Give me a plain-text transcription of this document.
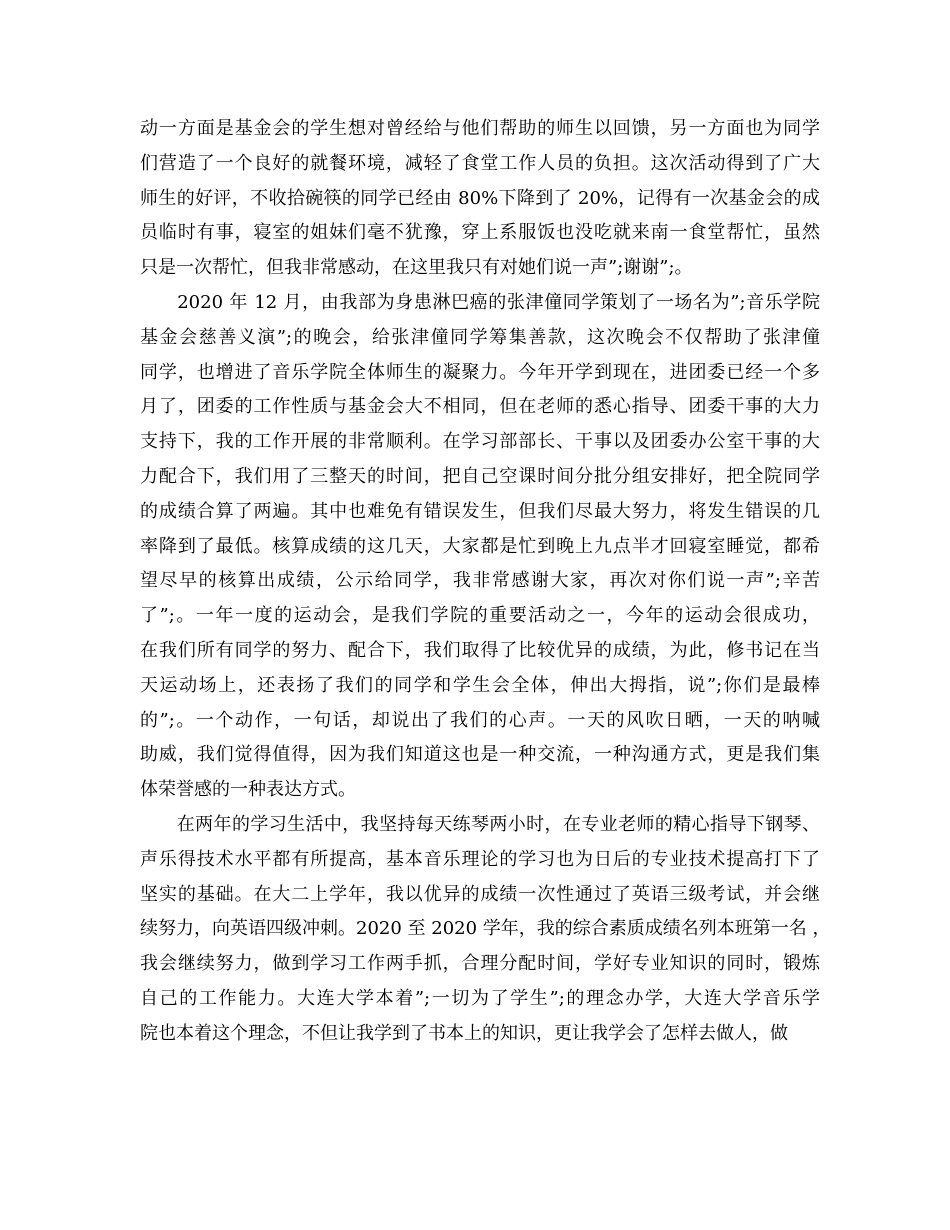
动一方面是基金会的学生想对曾经给与他们帮助的师生以回馈，另一方面也为同学
们营造了一个良好的就餐环境，减轻了食堂工作人员的负担。这次活动得到了广大
师生的好评，不收拾碗筷的同学已经由 80%下降到了 20%，记得有一次基金会的成
员临时有事，寝室的姐妹们毫不犹豫，穿上系服饭也没吃就来南一食堂帮忙，虽然
只是一次帮忙，但我非常感动，在这里我只有对她们说一声”;谢谢”;。
　　2020 年 12 月，由我部为身患淋巴癌的张津僮同学策划了一场名为”;音乐学院
基金会慈善义演”;的晚会，给张津僮同学筹集善款，这次晚会不仅帮助了张津僮
同学，也增进了音乐学院全体师生的凝聚力。今年开学到现在，进团委已经一个多
月了，团委的工作性质与基金会大不相同，但在老师的悉心指导、团委干事的大力
支持下，我的工作开展的非常顺利。在学习部部长、干事以及团委办公室干事的大
力配合下，我们用了三整天的时间，把自己空课时间分批分组安排好，把全院同学
的成绩合算了两遍。其中也难免有错误发生，但我们尽最大努力，将发生错误的几
率降到了最低。核算成绩的这几天，大家都是忙到晚上九点半才回寝室睡觉，都希
望尽早的核算出成绩，公示给同学，我非常感谢大家，再次对你们说一声”;辛苦
了”;。一年一度的运动会，是我们学院的重要活动之一，今年的运动会很成功，
在我们所有同学的努力、配合下，我们取得了比较优异的成绩，为此，修书记在当
天运动场上，还表扬了我们的同学和学生会全体，伸出大拇指，说”;你们是最棒
的”;。一个动作，一句话，却说出了我们的心声。一天的风吹日晒，一天的呐喊
助威，我们觉得值得，因为我们知道这也是一种交流，一种沟通方式，更是我们集
体荣誉感的一种表达方式。
　　在两年的学习生活中，我坚持每天练琴两小时，在专业老师的精心指导下钢琴、
声乐得技术水平都有所提高，基本音乐理论的学习也为日后的专业技术提高打下了
坚实的基础。在大二上学年，我以优异的成绩一次性通过了英语三级考试，并会继
续努力，向英语四级冲刺。2020 至 2020 学年，我的综合素质成绩名列本班第一名 ，
我会继续努力，做到学习工作两手抓，合理分配时间，学好专业知识的同时，锻炼
自己的工作能力。大连大学本着”;一切为了学生”;的理念办学，大连大学音乐学
院也本着这个理念，不但让我学到了书本上的知识，更让我学会了怎样去做人，做
